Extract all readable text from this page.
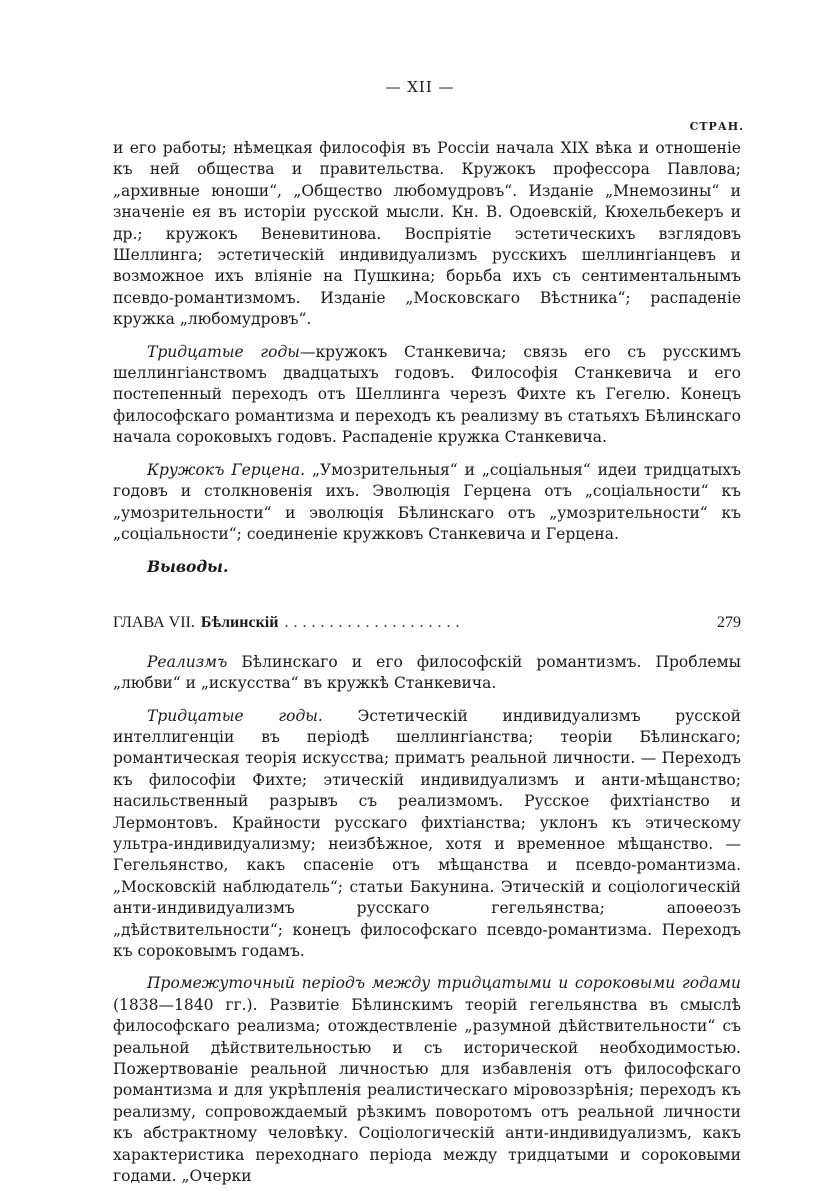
— XII —
СТРАН.

и его работы; нѣмецкая философія въ Россіи начала XIX вѣка и отношеніе къ ней общества и правительства. Кружокъ профессора Павлова; „архивные юноши“, „Общество любомудровъ“. Изданіе „Мнемозины“ и значеніе ея въ исторіи русской мысли. Кн. В. Одоевскій, Кюхельбекеръ и др.; кружокъ Веневитинова. Воспріятіе эстетическихъ взглядовъ Шеллинга; эстетическій индивидуализмъ русскихъ шеллингіанцевъ и возможное ихъ вліяніе на Пушкина; борьба ихъ съ сентиментальнымъ псевдо-романтизмомъ. Изданіе „Московскаго Вѣстника“; распаденіе кружка „любомудровъ“.

Тридцатые годы—кружокъ Станкевича; связь его съ русскимъ шеллингіанствомъ двадцатыхъ годовъ. Философія Станкевича и его постепенный переходъ отъ Шеллинга черезъ Фихте къ Гегелю. Конецъ философскаго романтизма и переходъ къ реализму въ статьяхъ Бѣлинскаго начала сороковыхъ годовъ. Распаденіе кружка Станкевича.

Кружокъ Герцена. „Умозрительныя“ и „соціальныя“ идеи тридцатыхъ годовъ и столкновенія ихъ. Эволюція Герцена отъ „соціальности“ къ „умозрительности“ и эволюція Бѣлинскаго отъ „умозрительности“ къ „соціальности“; соединеніе кружковъ Станкевича и Герцена.

Выводы.

ГЛАВА VII. Бѣлинскій ....................	279

Реализмъ Бѣлинскаго и его философскій романтизмъ. Проблемы „любви“ и „искусства“ въ кружкѣ Станкевича.

Тридцатые годы. Эстетическій индивидуализмъ русской интеллигенціи въ періодѣ шеллингіанства; теоріи Бѣлинскаго; романтическая теорія искусства; приматъ реальной личности. — Переходъ къ философіи Фихте; этическій индивидуализмъ и анти-мѣщанство; насильственный разрывъ съ реализмомъ. Русское фихтіанство и Лермонтовъ. Крайности русскаго фихтіанства; уклонъ къ этическому ультра-индивидуализму; неизбѣжное, хотя и временное мѣщанство. — Гегельянство, какъ спасеніе отъ мѣщанства и псевдо-романтизма. „Московскій наблюдатель“; статьи Бакунина. Этическій и соціологическій анти-индивидуализмъ русскаго гегельянства; апоѳеозъ „дѣйствительности“; конецъ философскаго псевдо-романтизма. Переходъ къ сороковымъ годамъ.

Промежуточный періодъ между тридцатыми и сороковыми годами (1838—1840 гг.). Развитіе Бѣлинскимъ теорій гегельянства въ смыслѣ философскаго реализма; отождествленіе „разумной дѣйствительности“ съ реальной дѣйствительностью и съ исторической необходимостью. Пожертвованіе реальной личностью для избавленія отъ философскаго романтизма и для укрѣпленія реалистическаго міровоззрѣнія; переходъ къ реализму, сопровождаемый рѣзкимъ поворотомъ отъ реальной личности къ абстрактному человѣку. Соціологическій анти-индивидуализмъ, какъ характеристика переходнаго періода между тридцатыми и сороковыми годами. „Очерки
